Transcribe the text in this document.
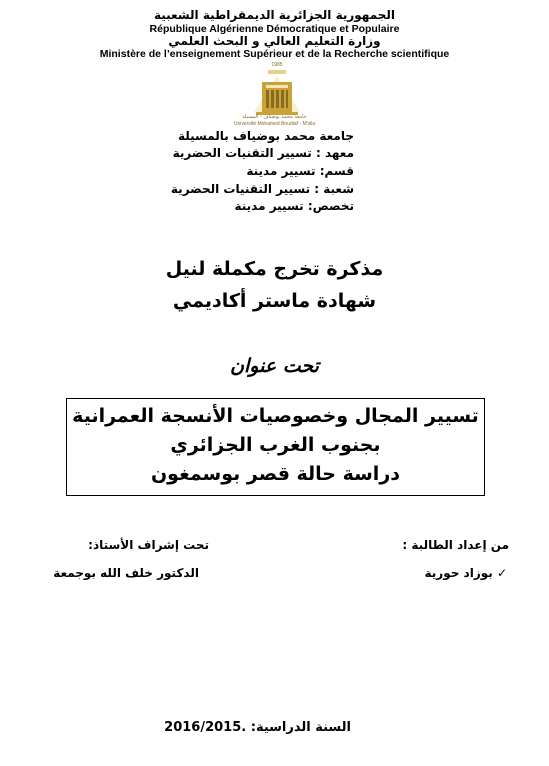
الجمهورية الجزائرية الديمقراطية الشعبية
République Algérienne Démocratique et Populaire
وزارة التعليم العالي و البحث العلمي
Ministère de l’enseignement Supérieur et de la Recherche scientifique
1985
جامعة محمد بوضياف - المسيلة
Université Mohamed Boudiaf - M'sila
جامعة محمد بوضياف بالمسيلة
معهد : تسيير التقنيات الحضرية
قسم: تسيير مدينة
شعبة : تسيير التقنيات الحضرية
تخصص: تسيير مدينة
مذكرة تخرج مكملة لنيل
شهادة ماستر أكاديمي
تحت عنوان
تسيير المجال وخصوصيات الأنسجة العمرانية
بجنوب الغرب الجزائري
دراسة حالة قصر بوسمغون
من إعداد الطالبة :
تحت إشراف الأستاذ:
✓ بوزاد حورية
الدكتور خلف الله بوجمعة
السنة الدراسية: 2016/2015.
